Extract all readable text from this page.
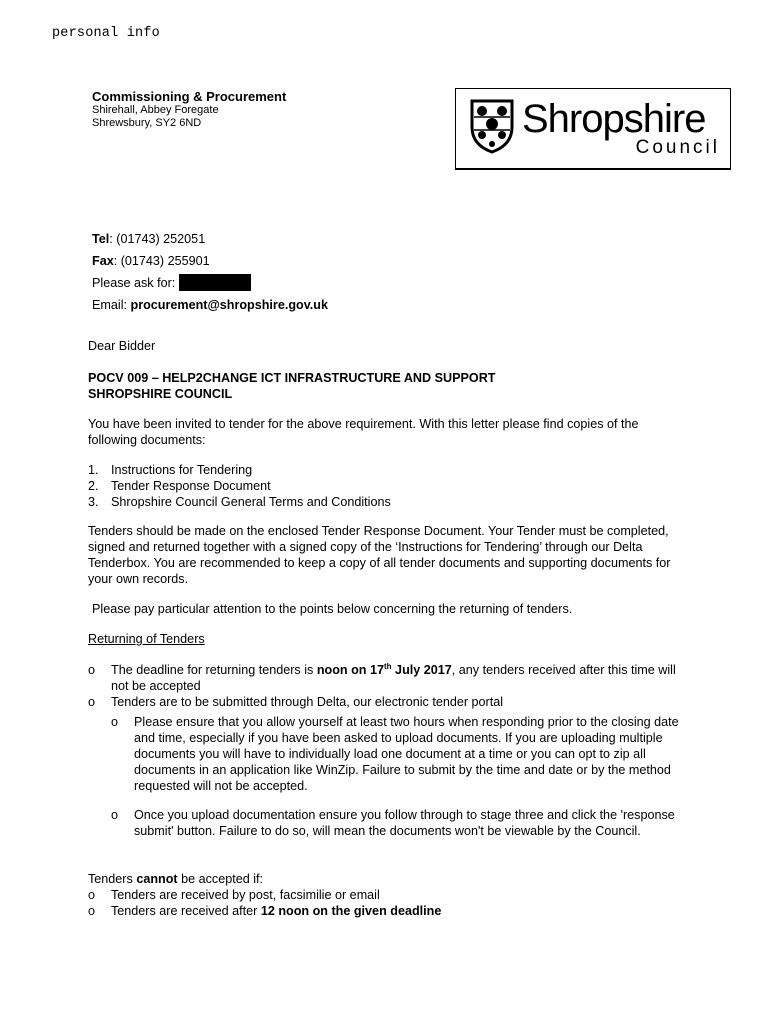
personal info
Commissioning & Procurement
Shirehall, Abbey Foregate
Shrewsbury, SY2 6ND	Shropshire
Council
Tel: (01743) 252051
Fax: (01743) 255901
Please ask for:
Email: procurement@shropshire.gov.uk
Dear Bidder
POCV 009 – HELP2CHANGE ICT INFRASTRUCTURE AND SUPPORT
SHROPSHIRE COUNCIL
You have been invited to tender for the above requirement. With this letter please find copies of the following documents:
1. Instructions for Tendering
2. Tender Response Document
3. Shropshire Council General Terms and Conditions
Tenders should be made on the enclosed Tender Response Document. Your Tender must be completed, signed and returned together with a signed copy of the ‘Instructions for Tendering’ through our Delta Tenderbox. You are recommended to keep a copy of all tender documents and supporting documents for your own records.
Please pay particular attention to the points below concerning the returning of tenders.
Returning of Tenders
o The deadline for returning tenders is noon on 17th July 2017, any tenders received after this time will not be accepted
o Tenders are to be submitted through Delta, our electronic tender portal
o Please ensure that you allow yourself at least two hours when responding prior to the closing date and time, especially if you have been asked to upload documents. If you are uploading multiple documents you will have to individually load one document at a time or you can opt to zip all documents in an application like WinZip. Failure to submit by the time and date or by the method requested will not be accepted.
o Once you upload documentation ensure you follow through to stage three and click the 'response submit' button. Failure to do so, will mean the documents won't be viewable by the Council.
Tenders cannot be accepted if:
o Tenders are received by post, facsimilie or email
o Tenders are received after 12 noon on the given deadline
